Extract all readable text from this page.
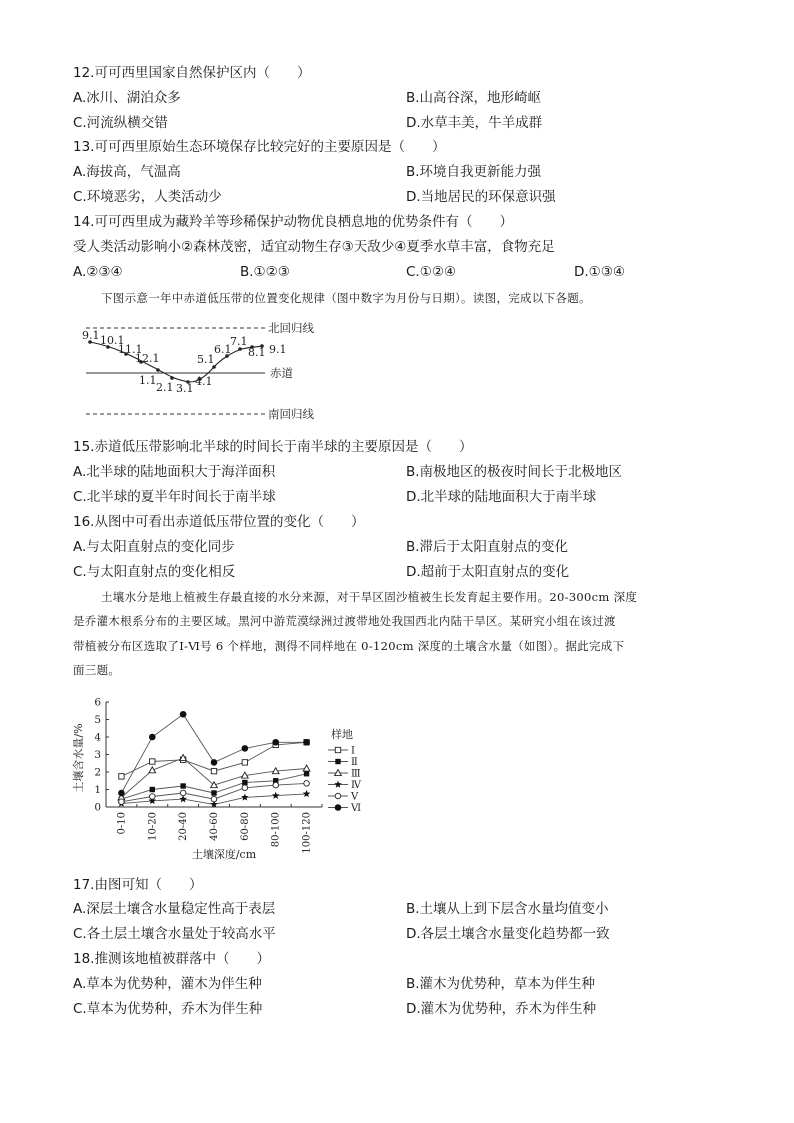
12.可可西里国家自然保护区内（　　）
A.冰川、湖泊众多	B.山高谷深，地形崎岖
C.河流纵横交错	D.水草丰美，牛羊成群
13.可可西里原始生态环境保存比较完好的主要原因是（　　）
A.海拔高，气温高	B.环境自我更新能力强
C.环境恶劣，人类活动少	D.当地居民的环保意识强
14.可可西里成为藏羚羊等珍稀保护动物优良栖息地的优势条件有（　　）
受人类活动影响小②森林茂密，适宜动物生存③天敌少④夏季水草丰富，食物充足
A.②③④	B.①②③	C.①②④	D.①③④
下图示意一年中赤道低压带的位置变化规律（图中数字为月份与日期）。读图，完成以下各题。
北回归线
赤道
南回归线
9.1 10.1
11.1
12.1
1.1
2.1 3.1
4.1
5.1
6.1
7.1
8.1 9.1
15.赤道低压带影响北半球的时间长于南半球的主要原因是（　　）
A.北半球的陆地面积大于海洋面积	B.南极地区的极夜时间长于北极地区
C.北半球的夏半年时间长于南半球	D.北半球的陆地面积大于南半球
16.从图中可看出赤道低压带位置的变化（　　）
A.与太阳直射点的变化同步	B.滞后于太阳直射点的变化
C.与太阳直射点的变化相反	D.超前于太阳直射点的变化
土壤水分是地上植被生存最直接的水分来源，对干旱区固沙植被生长发育起主要作用。20-300cm 深度
是乔灌木根系分布的主要区域。黑河中游荒漠绿洲过渡带地处我国西北内陆干旱区。某研究小组在该过渡
带植被分布区选取了Ⅰ-Ⅵ号 6 个样地，测得不同样地在 0-120cm 深度的土壤含水量（如图）。据此完成下
面三题。
土壤含水量/%
土壤深度/cm
0
1
2
3
4
5
6
0-10 10-20 20-40 40-60 60-80 80-100 100-120
样地
Ⅰ
Ⅱ
Ⅲ
Ⅳ
Ⅴ
Ⅵ
17.由图可知（　　）
A.深层土壤含水量稳定性高于表层	B.土壤从上到下层含水量均值变小
C.各土层土壤含水量处于较高水平	D.各层土壤含水量变化趋势都一致
18.推测该地植被群落中（　　）
A.草本为优势种，灌木为伴生种	B.灌木为优势种，草本为伴生种
C.草本为优势种，乔木为伴生种	D.灌木为优势种，乔木为伴生种
